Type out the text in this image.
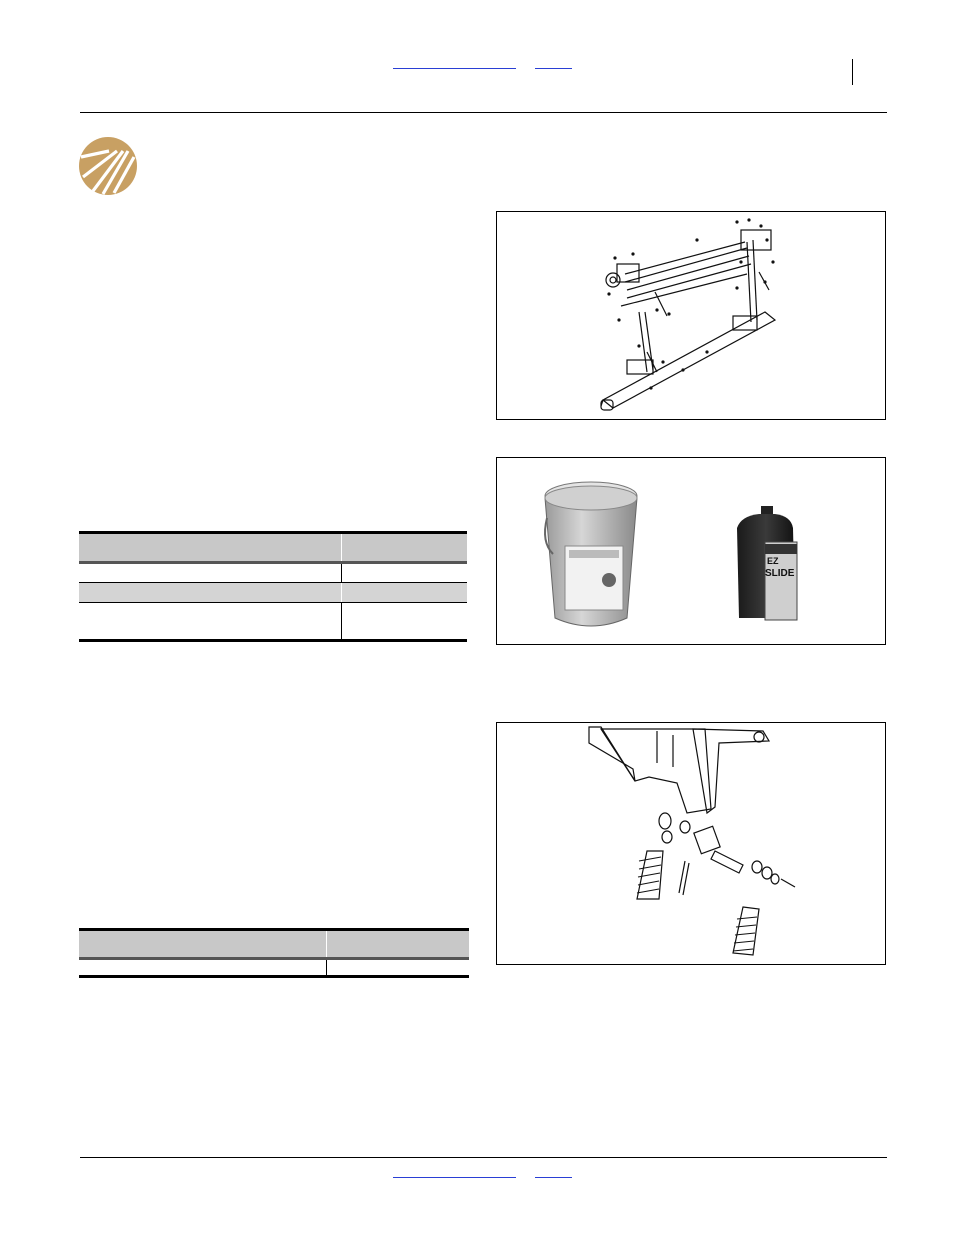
EZ
SLIDE
